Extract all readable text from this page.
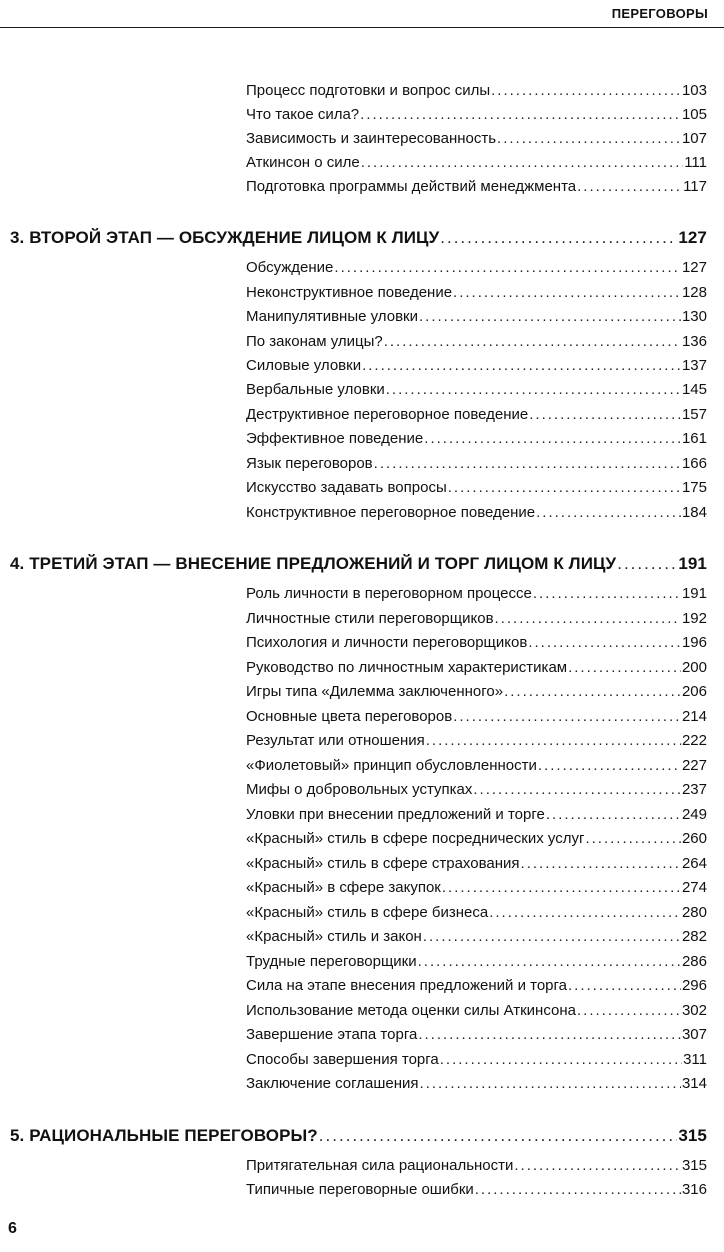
ПЕРЕГОВОРЫ
Процесс подготовки и вопрос силы .....	103
Что такое сила? .....	105
Зависимость и заинтересованность .....	107
Аткинсон о силе .....	111
Подготовка программы действий менеджмента .....	117
3. ВТОРОЙ ЭТАП — ОБСУЖДЕНИЕ ЛИЦОМ К ЛИЦУ .....	127
Обсуждение .....	127
Неконструктивное поведение .....	128
Манипулятивные уловки .....	130
По законам улицы? .....	136
Силовые уловки .....	137
Вербальные уловки .....	145
Деструктивное переговорное поведение .....	157
Эффективное поведение .....	161
Язык переговоров .....	166
Искусство задавать вопросы .....	175
Конструктивное переговорное поведение .....	184
4. ТРЕТИЙ ЭТАП — ВНЕСЕНИЕ ПРЕДЛОЖЕНИЙ И ТОРГ ЛИЦОМ К ЛИЦУ .....	191
Роль личности в переговорном процессе .....	191
Личностные стили переговорщиков .....	192
Психология и личности переговорщиков .....	196
Руководство по личностным характеристикам .....	200
Игры типа «Дилемма заключенного» .....	206
Основные цвета переговоров .....	214
Результат или отношения .....	222
«Фиолетовый» принцип обусловленности .....	227
Мифы о добровольных уступках .....	237
Уловки при внесении предложений и торге .....	249
«Красный» стиль в сфере посреднических услуг .....	260
«Красный» стиль в сфере страхования .....	264
«Красный» в сфере закупок .....	274
«Красный» стиль в сфере бизнеса .....	280
«Красный» стиль и закон .....	282
Трудные переговорщики .....	286
Сила на этапе внесения предложений и торга .....	296
Использование метода оценки силы Аткинсона .....	302
Завершение этапа торга .....	307
Способы завершения торга .....	311
Заключение соглашения .....	314
5. РАЦИОНАЛЬНЫЕ ПЕРЕГОВОРЫ? .....	315
Притягательная сила рациональности .....	315
Типичные переговорные ошибки .....	316
6
